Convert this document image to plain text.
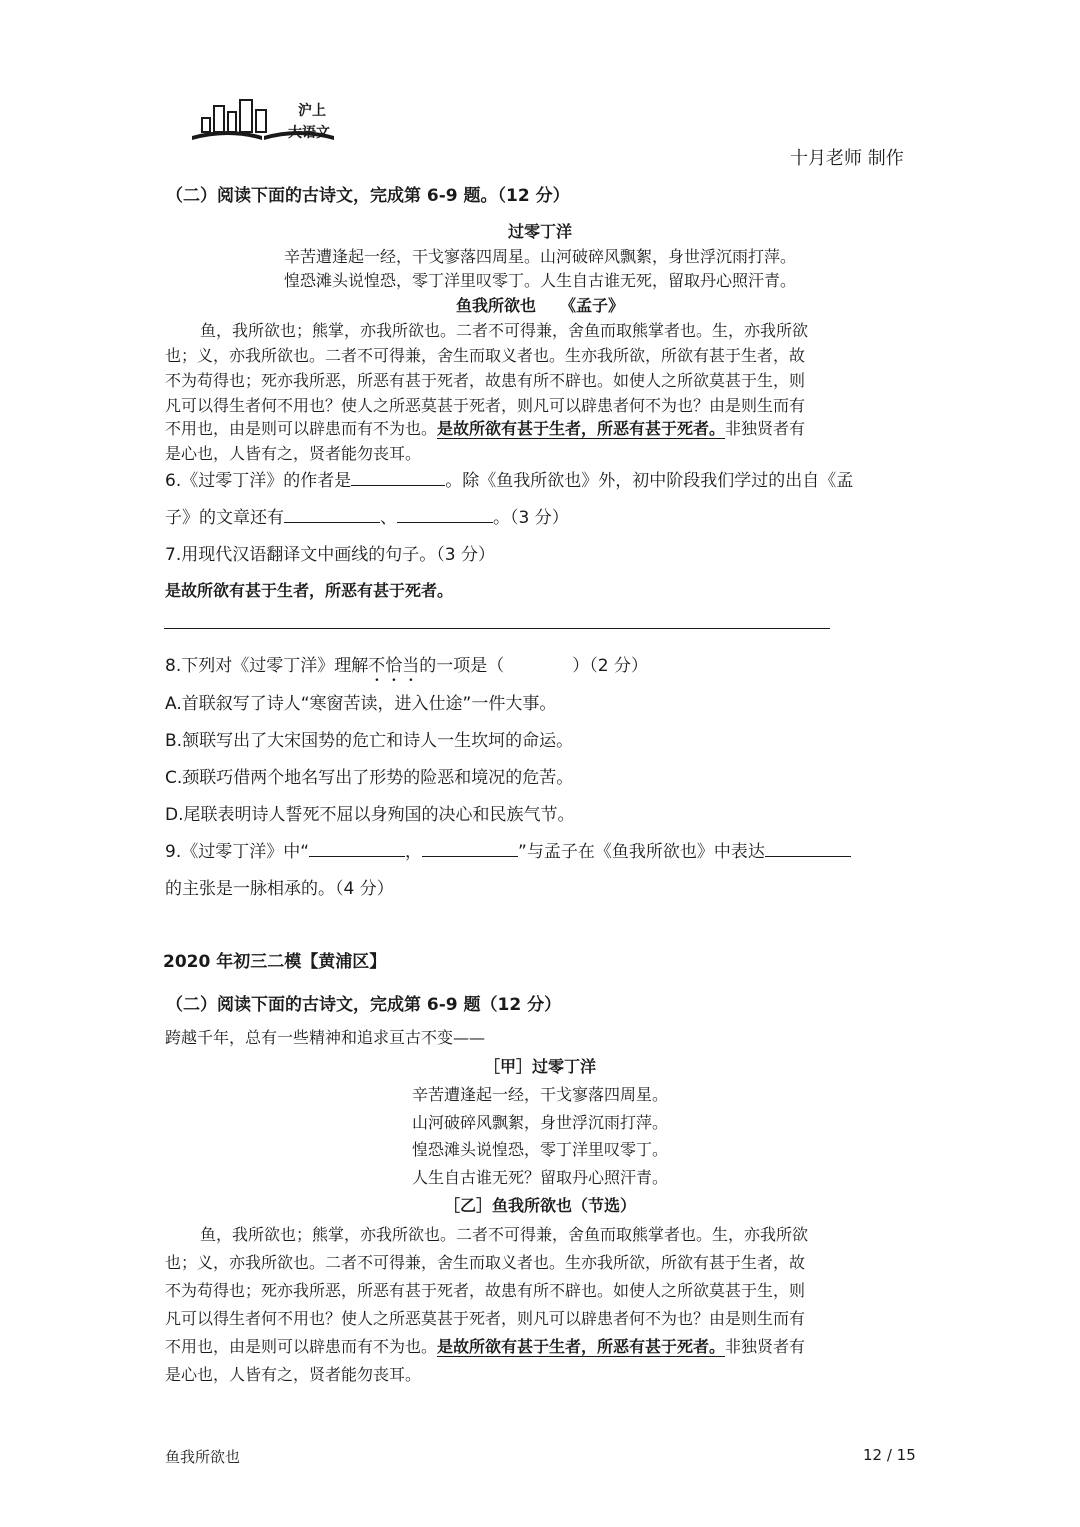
沪上
大语文
十月老师 制作
（二）阅读下面的古诗文，完成第 6-9 题。（12 分）
过零丁洋
辛苦遭逢起一经，干戈寥落四周星。山河破碎风飘絮，身世浮沉雨打萍。
惶恐滩头说惶恐，零丁洋里叹零丁。人生自古谁无死，留取丹心照汗青。
鱼我所欲也　　《孟子》
鱼，我所欲也；熊掌，亦我所欲也。二者不可得兼，舍鱼而取熊掌者也。生，亦我所欲
也；义，亦我所欲也。二者不可得兼，舍生而取义者也。生亦我所欲，所欲有甚于生者，故
不为苟得也；死亦我所恶，所恶有甚于死者，故患有所不辟也。如使人之所欲莫甚于生，则
凡可以得生者何不用也？使人之所恶莫甚于死者，则凡可以辟患者何不为也？由是则生而有
不用也，由是则可以辟患而有不为也。是故所欲有甚于生者，所恶有甚于死者。非独贤者有
是心也，人皆有之，贤者能勿丧耳。
6.《过零丁洋》的作者是	。除《鱼我所欲也》外，初中阶段我们学过的出自《孟
子》的文章还有	、	。（3 分）
7.用现代汉语翻译文中画线的句子。（3 分）
是故所欲有甚于生者，所恶有甚于死者。
8.下列对《过零丁洋》理解不恰当的一项是（　　　　）（2 分）
A.首联叙写了诗人“寒窗苦读，进入仕途”一件大事。
B.颔联写出了大宋国势的危亡和诗人一生坎坷的命运。
C.颈联巧借两个地名写出了形势的险恶和境况的危苦。
D.尾联表明诗人誓死不屈以身殉国的决心和民族气节。
9.《过零丁洋》中“	，	”与孟子在《鱼我所欲也》中表达
的主张是一脉相承的。（4 分）
2020 年初三二模【黄浦区】
（二）阅读下面的古诗文，完成第 6-9 题（12 分）
跨越千年，总有一些精神和追求亘古不变——
［甲］过零丁洋
辛苦遭逢起一经，干戈寥落四周星。
山河破碎风飘絮，身世浮沉雨打萍。
惶恐滩头说惶恐，零丁洋里叹零丁。
人生自古谁无死？留取丹心照汗青。
［乙］鱼我所欲也（节选）
鱼，我所欲也；熊掌，亦我所欲也。二者不可得兼，舍鱼而取熊掌者也。生，亦我所欲
也；义，亦我所欲也。二者不可得兼，舍生而取义者也。生亦我所欲，所欲有甚于生者，故
不为苟得也；死亦我所恶，所恶有甚于死者，故患有所不辟也。如使人之所欲莫甚于生，则
凡可以得生者何不用也？使人之所恶莫甚于死者，则凡可以辟患者何不为也？由是则生而有
不用也，由是则可以辟患而有不为也。是故所欲有甚于生者，所恶有甚于死者。非独贤者有
是心也，人皆有之，贤者能勿丧耳。
鱼我所欲也	12 / 15
